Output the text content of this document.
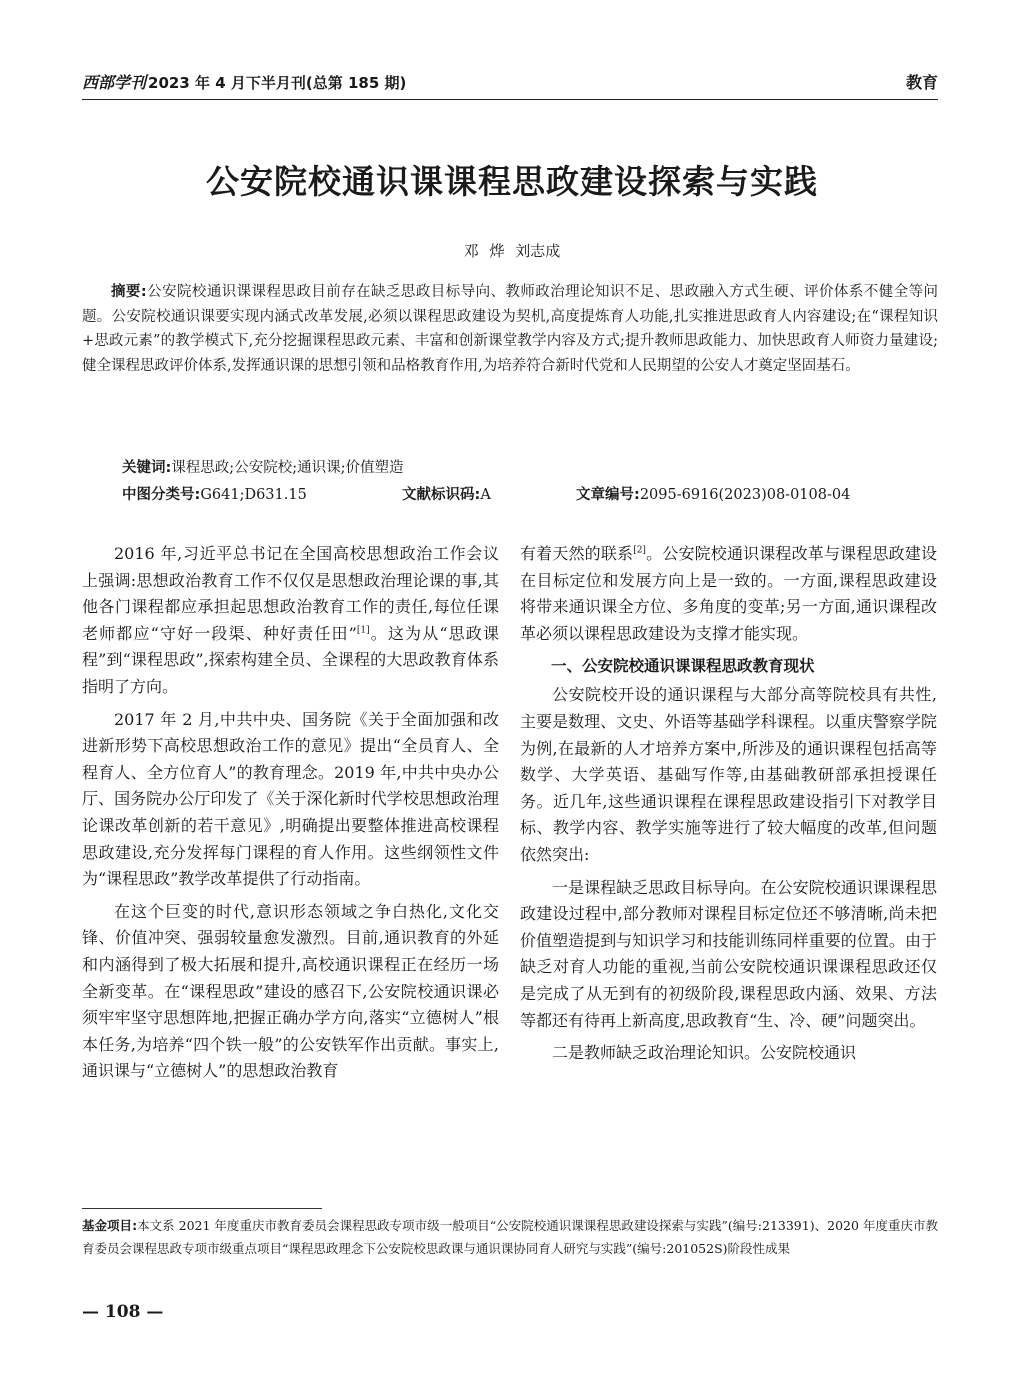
西部学刊 2023 年 4 月下半月刊(总第 185 期)	教育
公安院校通识课课程思政建设探索与实践
邓 烨 刘志成
摘要:公安院校通识课课程思政目前存在缺乏思政目标导向、教师政治理论知识不足、思政融入方式生硬、评价体系不健全等问题。公安院校通识课要实现内涵式改革发展,必须以课程思政建设为契机,高度提炼育人功能,扎实推进思政育人内容建设;在“课程知识+思政元素”的教学模式下,充分挖掘课程思政元素、丰富和创新课堂教学内容及方式;提升教师思政能力、加快思政育人师资力量建设;健全课程思政评价体系,发挥通识课的思想引领和品格教育作用,为培养符合新时代党和人民期望的公安人才奠定坚固基石。
关键词:课程思政;公安院校;通识课;价值塑造
中图分类号:G641;D631.15	文献标识码:A	文章编号:2095-6916(2023)08-0108-04

2016 年,习近平总书记在全国高校思想政治工作会议上强调:思想政治教育工作不仅仅是思想政治理论课的事,其他各门课程都应承担起思想政治教育工作的责任,每位任课老师都应“守好一段渠、种好责任田”[1]。这为从“思政课程”到“课程思政”,探索构建全员、全课程的大思政教育体系指明了方向。

2017 年 2 月,中共中央、国务院《关于全面加强和改进新形势下高校思想政治工作的意见》提出“全员育人、全程育人、全方位育人”的教育理念。2019 年,中共中央办公厅、国务院办公厅印发了《关于深化新时代学校思想政治理论课改革创新的若干意见》,明确提出要整体推进高校课程思政建设,充分发挥每门课程的育人作用。这些纲领性文件为“课程思政”教学改革提供了行动指南。

在这个巨变的时代,意识形态领域之争白热化,文化交锋、价值冲突、强弱较量愈发激烈。目前,通识教育的外延和内涵得到了极大拓展和提升,高校通识课程正在经历一场全新变革。在“课程思政”建设的感召下,公安院校通识课必须牢牢坚守思想阵地,把握正确办学方向,落实“立德树人”根本任务,为培养“四个铁一般”的公安铁军作出贡献。事实上,通识课与“立德树人”的思想政治教育

有着天然的联系[2]。公安院校通识课程改革与课程思政建设在目标定位和发展方向上是一致的。一方面,课程思政建设将带来通识课全方位、多角度的变革;另一方面,通识课程改革必须以课程思政建设为支撑才能实现。

一、公安院校通识课课程思政教育现状

公安院校开设的通识课程与大部分高等院校具有共性,主要是数理、文史、外语等基础学科课程。以重庆警察学院为例,在最新的人才培养方案中,所涉及的通识课程包括高等数学、大学英语、基础写作等,由基础教研部承担授课任务。近几年,这些通识课程在课程思政建设指引下对教学目标、教学内容、教学实施等进行了较大幅度的改革,但问题依然突出:

一是课程缺乏思政目标导向。在公安院校通识课课程思政建设过程中,部分教师对课程目标定位还不够清晰,尚未把价值塑造提到与知识学习和技能训练同样重要的位置。由于缺乏对育人功能的重视,当前公安院校通识课课程思政还仅是完成了从无到有的初级阶段,课程思政内涵、效果、方法等都还有待再上新高度,思政教育“生、冷、硬”问题突出。

二是教师缺乏政治理论知识。公安院校通识

基金项目:本文系 2021 年度重庆市教育委员会课程思政专项市级一般项目“公安院校通识课课程思政建设探索与实践”(编号:213391)、2020 年度重庆市教育委员会课程思政专项市级重点项目“课程思政理念下公安院校思政课与通识课协同育人研究与实践”(编号:201052S)阶段性成果
— 108 —
